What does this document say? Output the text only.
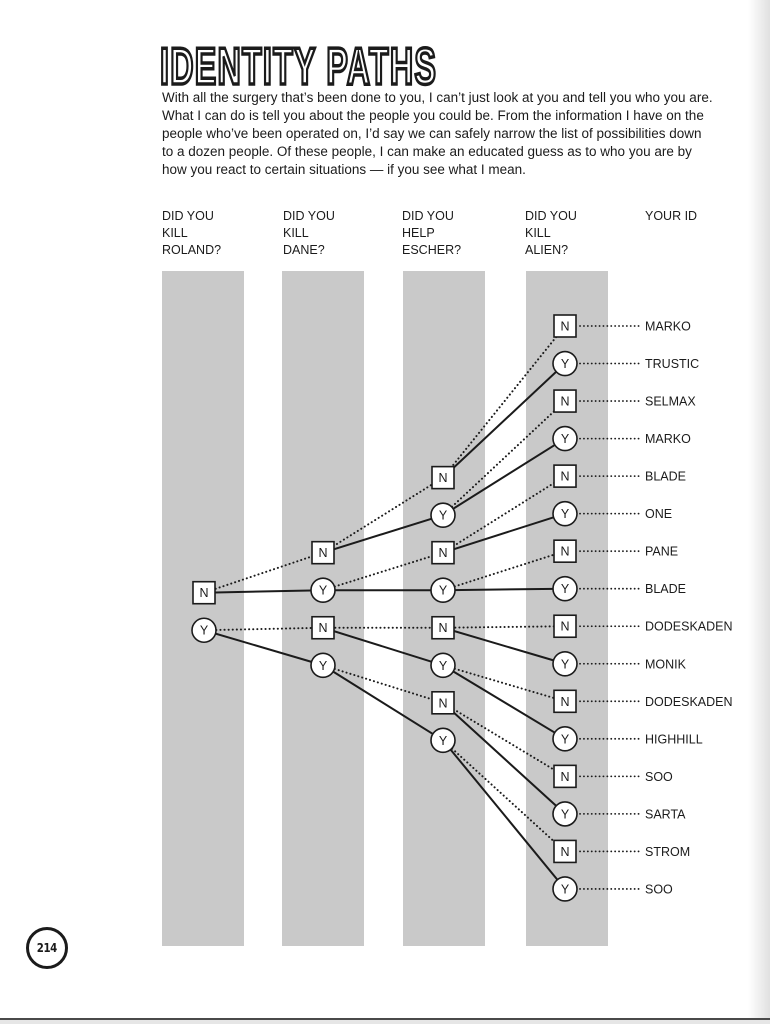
IDENTITY PATHS
With all the surgery that’s been done to you, I can’t just look at you and tell you who you are.
What I can do is tell you about the people you could be. From the information I have on the
people who’ve been operated on, I’d say we can safely narrow the list of possibilities down
to a dozen people. Of these people, I can make an educated guess as to who you are by
how you react to certain situations — if you see what I mean.
DID YOU
KILL
ROLAND?
DID YOU
KILL
DANE?
DID YOU
HELP
ESCHER?
DID YOU
KILL
ALIEN?
YOUR ID
N
Y
N
Y
N
Y
N
Y
N
Y
N
Y
N
Y
N
Y
N
Y
N
Y
N
Y
N
Y
N
Y
N
Y
N
Y
MARKO
TRUSTIC
SELMAX
MARKO
BLADE
ONE
PANE
BLADE
DODESKADEN
MONIK
DODESKADEN
HIGHHILL
SOO
SARTA
STROM
SOO
214
